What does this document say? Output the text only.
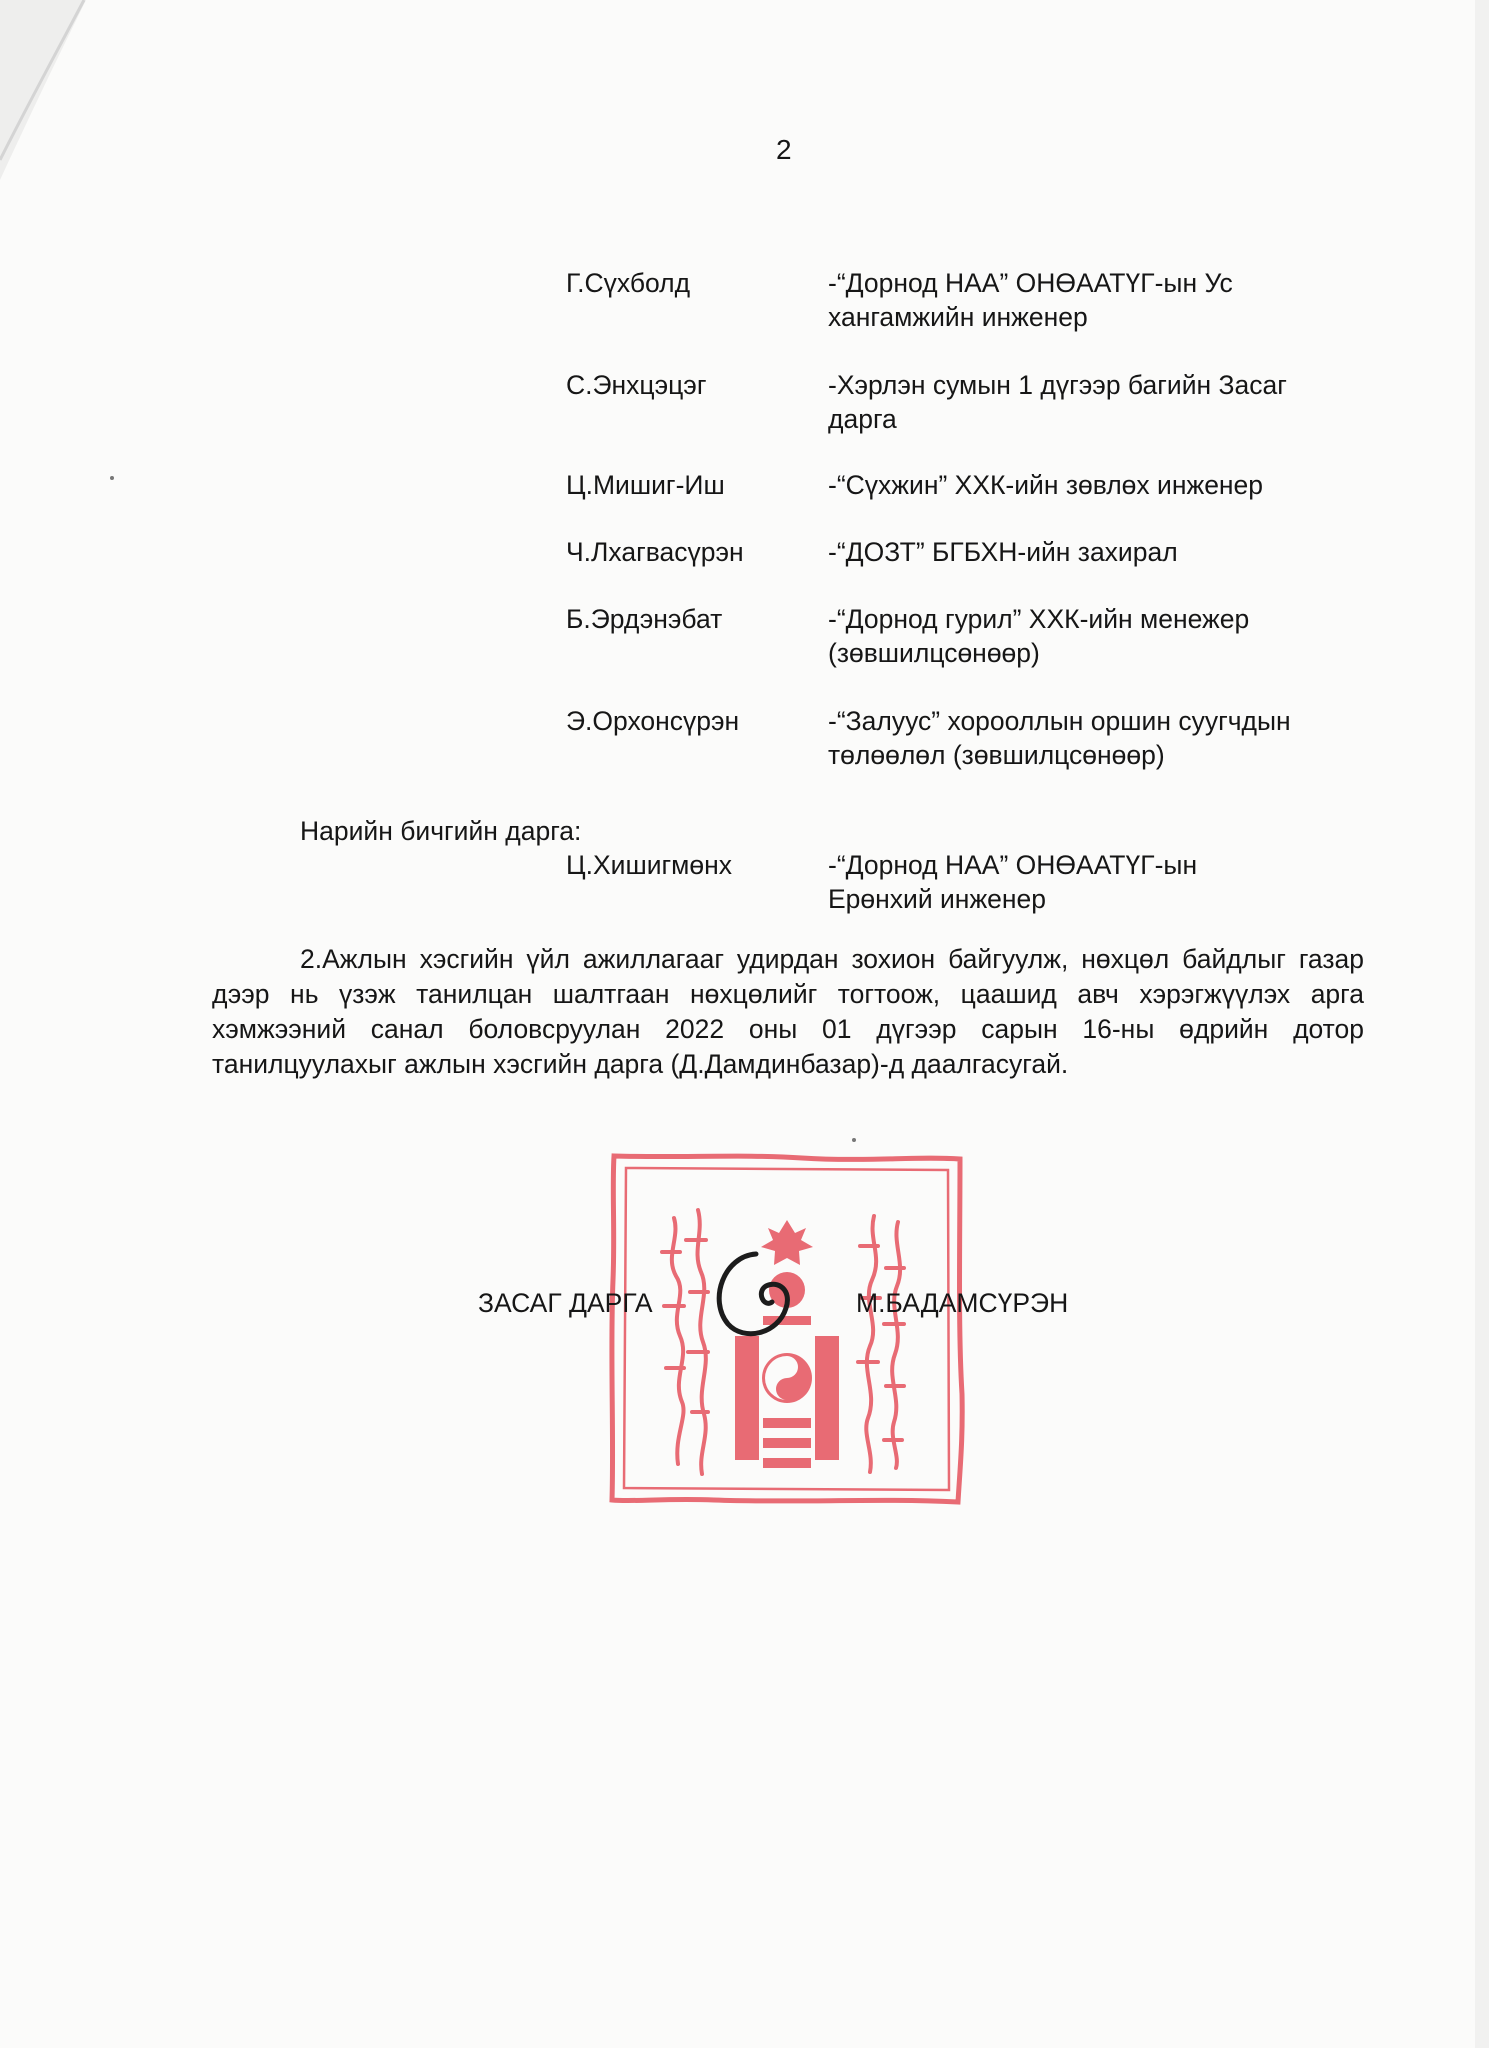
2
Г.Сүхболд	-“Дорнод НАА” ОНӨААТҮГ-ын Ус
хангамжийн инженер
С.Энхцэцэг	-Хэрлэн сумын 1 дүгээр багийн Засаг
дарга
Ц.Мишиг-Иш	-“Сүхжин” ХХК-ийн зөвлөх инженер
Ч.Лхагвасүрэн	-“ДОЗТ” БГБХН-ийн захирал
Б.Эрдэнэбат	-“Дорнод гурил” ХХК-ийн менежер
(зөвшилцсөнөөр)
Э.Орхонсүрэн	-“Залуус” хорооллын оршин суугчдын
төлөөлөл (зөвшилцсөнөөр)
Нарийн бичгийн дарга:
Ц.Хишигмөнх	-“Дорнод НАА” ОНӨААТҮГ-ын
Ерөнхий инженер
2.Ажлын хэсгийн үйл ажиллагааг удирдан зохион байгуулж, нөхцөл байдлыг газар дээр нь үзэж танилцан шалтгаан нөхцөлийг тогтоож, цаашид авч хэрэгжүүлэх арга хэмжээний санал боловсруулан 2022 оны 01 дүгээр сарын 16-ны өдрийн дотор танилцуулахыг ажлын хэсгийн дарга (Д.Дамдинбазар)-д даалгасугай.
ЗАСАГ ДАРГА	М.БАДАМСҮРЭН
